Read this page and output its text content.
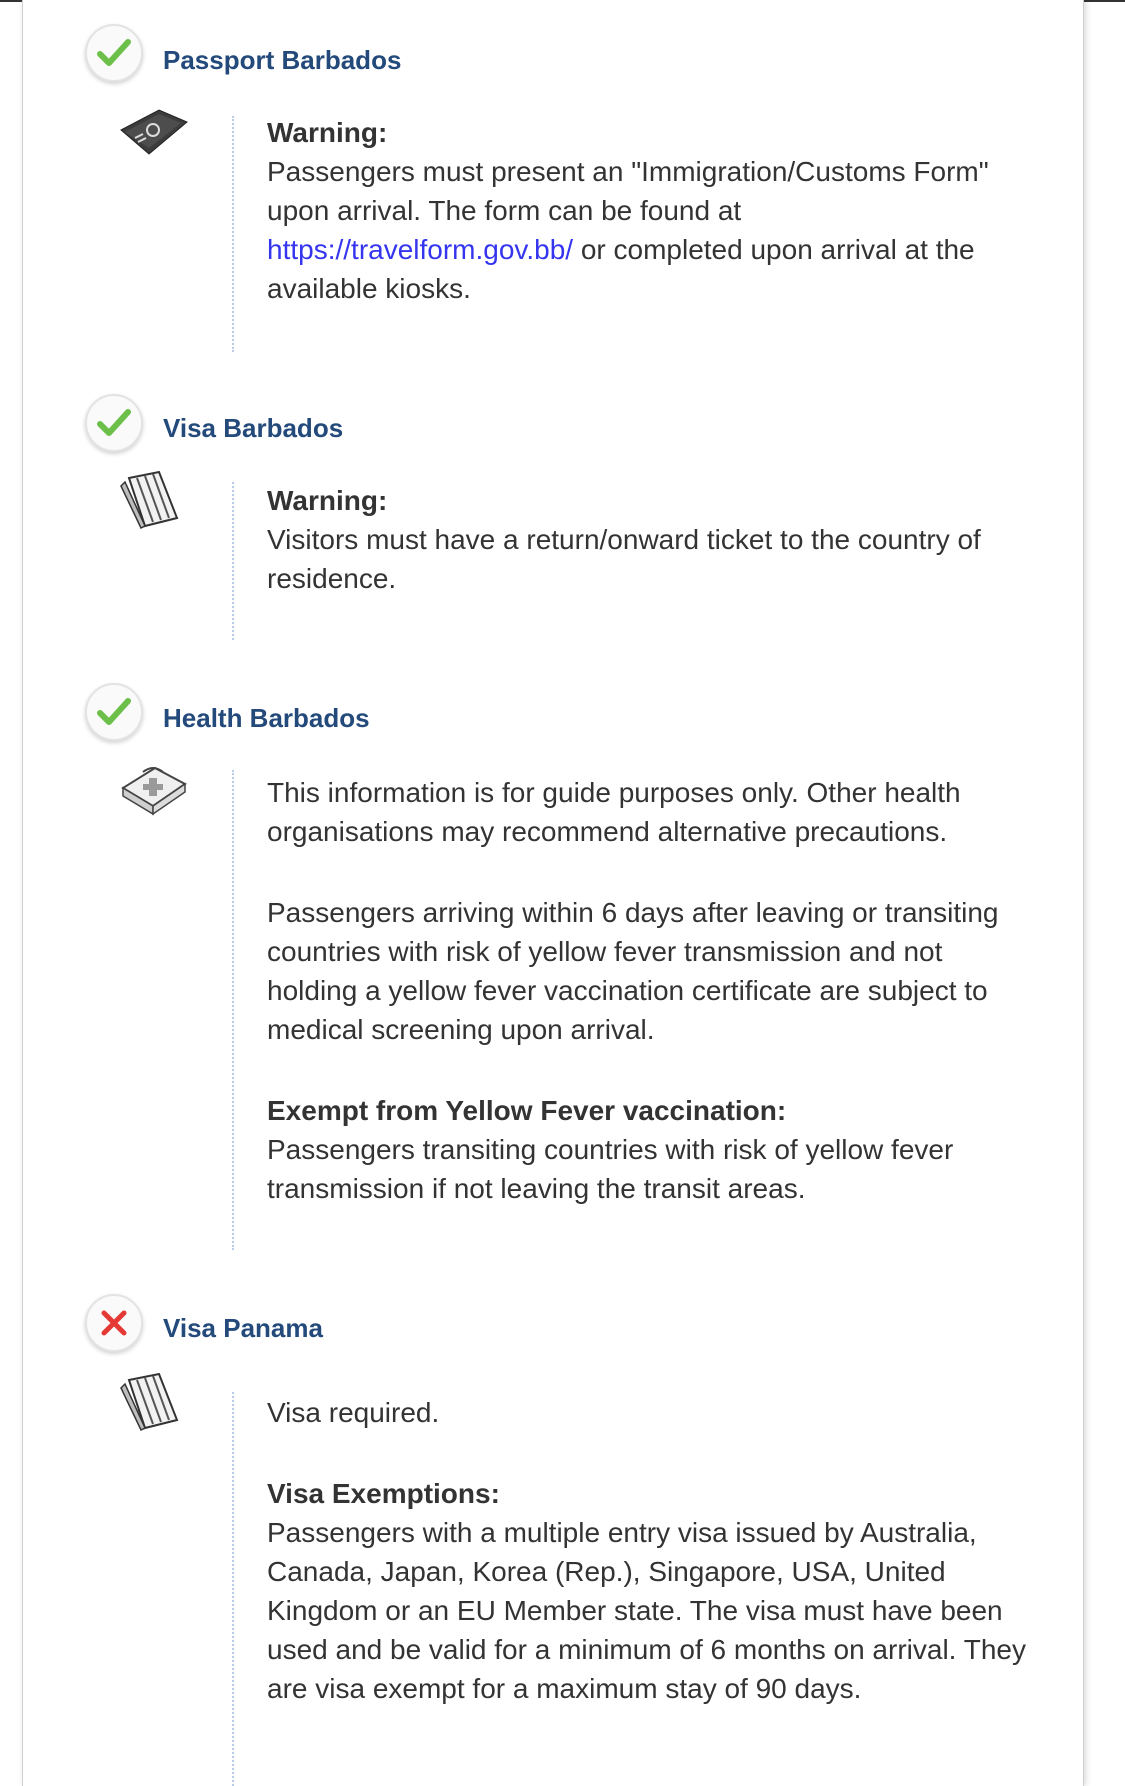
Passport Barbados

Warning:

Passengers must present an "Immigration/Customs Form" upon arrival. The form can be found at https://travelform.gov.bb/ or completed upon arrival at the available kiosks.

Visa Barbados

Warning:

Visitors must have a return/onward ticket to the country of residence.

Health Barbados

This information is for guide purposes only. Other health organisations may recommend alternative precautions.

Passengers arriving within 6 days after leaving or transiting countries with risk of yellow fever transmission and not holding a yellow fever vaccination certificate are subject to medical screening upon arrival.

Exempt from Yellow Fever vaccination:

Passengers transiting countries with risk of yellow fever transmission if not leaving the transit areas.

Visa Panama

Visa required.

Visa Exemptions:

Passengers with a multiple entry visa issued by Australia, Canada, Japan, Korea (Rep.), Singapore, USA, United Kingdom or an EU Member state. The visa must have been used and be valid for a minimum of 6 months on arrival. They are visa exempt for a maximum stay of 90 days.
